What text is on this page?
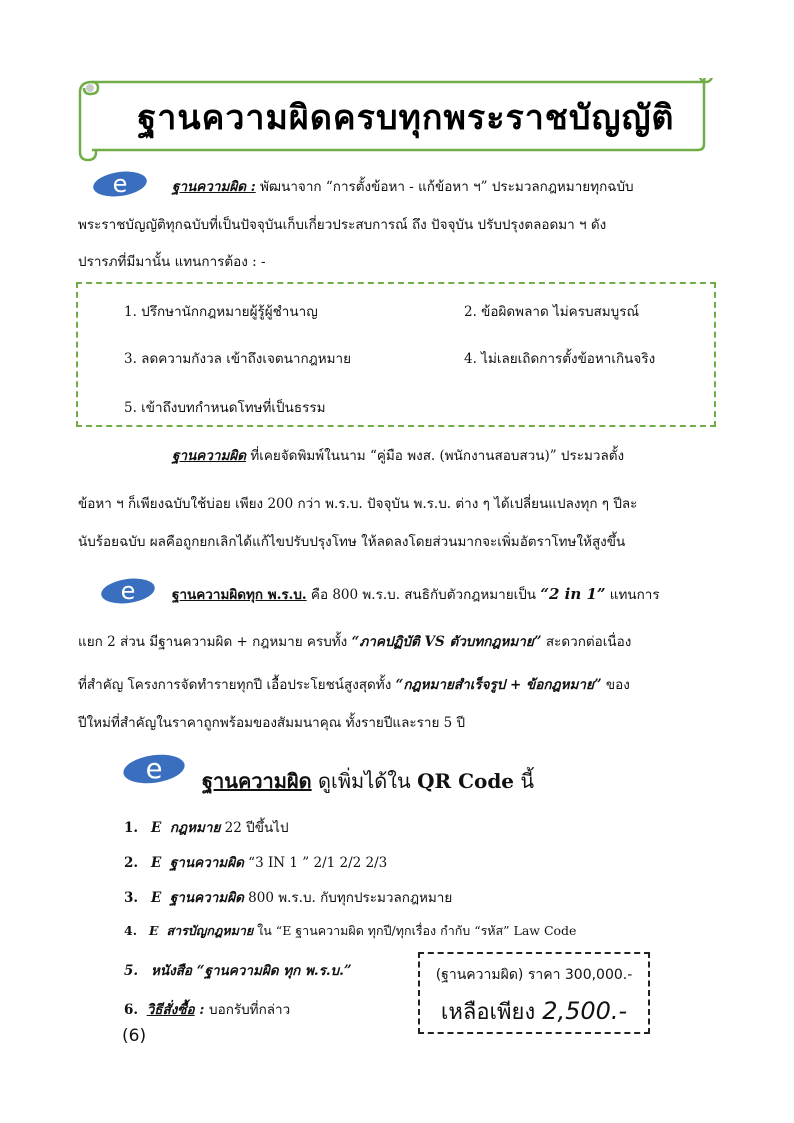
ฐานความผิดครบทุกพระราชบัญญัติ
e	ฐานความผิด : พัฒนาจาก “การตั้งข้อหา - แก้ข้อหา ฯ” ประมวลกฎหมายทุกฉบับ
พระราชบัญญัติทุกฉบับที่เป็นปัจจุบันเก็บเกี่ยวประสบการณ์ ถึง ปัจจุบัน ปรับปรุงตลอดมา ฯ ดัง
ปรารภที่มีมานั้น แทนการต้อง : -
1. ปรึกษานักกฎหมายผู้รู้ผู้ชำนาญ	2. ข้อผิดพลาด ไม่ครบสมบูรณ์
3. ลดความกังวล เข้าถึงเจตนากฎหมาย	4. ไม่เลยเถิดการตั้งข้อหาเกินจริง
5. เข้าถึงบทกำหนดโทษที่เป็นธรรม
ฐานความผิด ที่เคยจัดพิมพ์ในนาม “คู่มือ พงส. (พนักงานสอบสวน)” ประมวลตั้ง
ข้อหา ฯ ก็เพียงฉบับใช้บ่อย เพียง 200 กว่า พ.ร.บ. ปัจจุบัน พ.ร.บ. ต่าง ๆ ได้เปลี่ยนแปลงทุก ๆ ปีละ
นับร้อยฉบับ ผลคือถูกยกเลิกได้แก้ไขปรับปรุงโทษ ให้ลดลงโดยส่วนมากจะเพิ่มอัตราโทษให้สูงขึ้น
e	ฐานความผิดทุก พ.ร.บ. คือ 800 พ.ร.บ. สนธิกับตัวกฎหมายเป็น “2 in 1” แทนการ
แยก 2 ส่วน มีฐานความผิด + กฎหมาย ครบทั้ง “ภาคปฏิบัติ VS ตัวบทกฎหมาย” สะดวกต่อเนื่อง
ที่สำคัญ โครงการจัดทำรายทุกปี เอื้อประโยชน์สูงสุดทั้ง “กฎหมายสำเร็จรูป + ข้อกฎหมาย” ของ
ปีใหม่ที่สำคัญในราคาถูกพร้อมของสัมมนาคุณ ทั้งรายปีและราย 5 ปี
e ฐานความผิด ดูเพิ่มได้ใน QR Code นี้
1. E กฎหมาย 22 ปีขึ้นไป
2. E ฐานความผิด “3 IN 1 ” 2/1 2/2 2/3
3. E ฐานความผิด 800 พ.ร.บ. กับทุกประมวลกฎหมาย
4. E สารบัญกฎหมาย ใน “E ฐานความผิด ทุกปี/ทุกเรื่อง กำกับ “รหัส” Law Code
5. หนังสือ “ฐานความผิด ทุก พ.ร.บ.”
6. วิธีสั่งซื้อ : บอกรับที่กล่าว
(ฐานความผิด) ราคา 300,000.-
เหลือเพียง 2,500.-
(6)
